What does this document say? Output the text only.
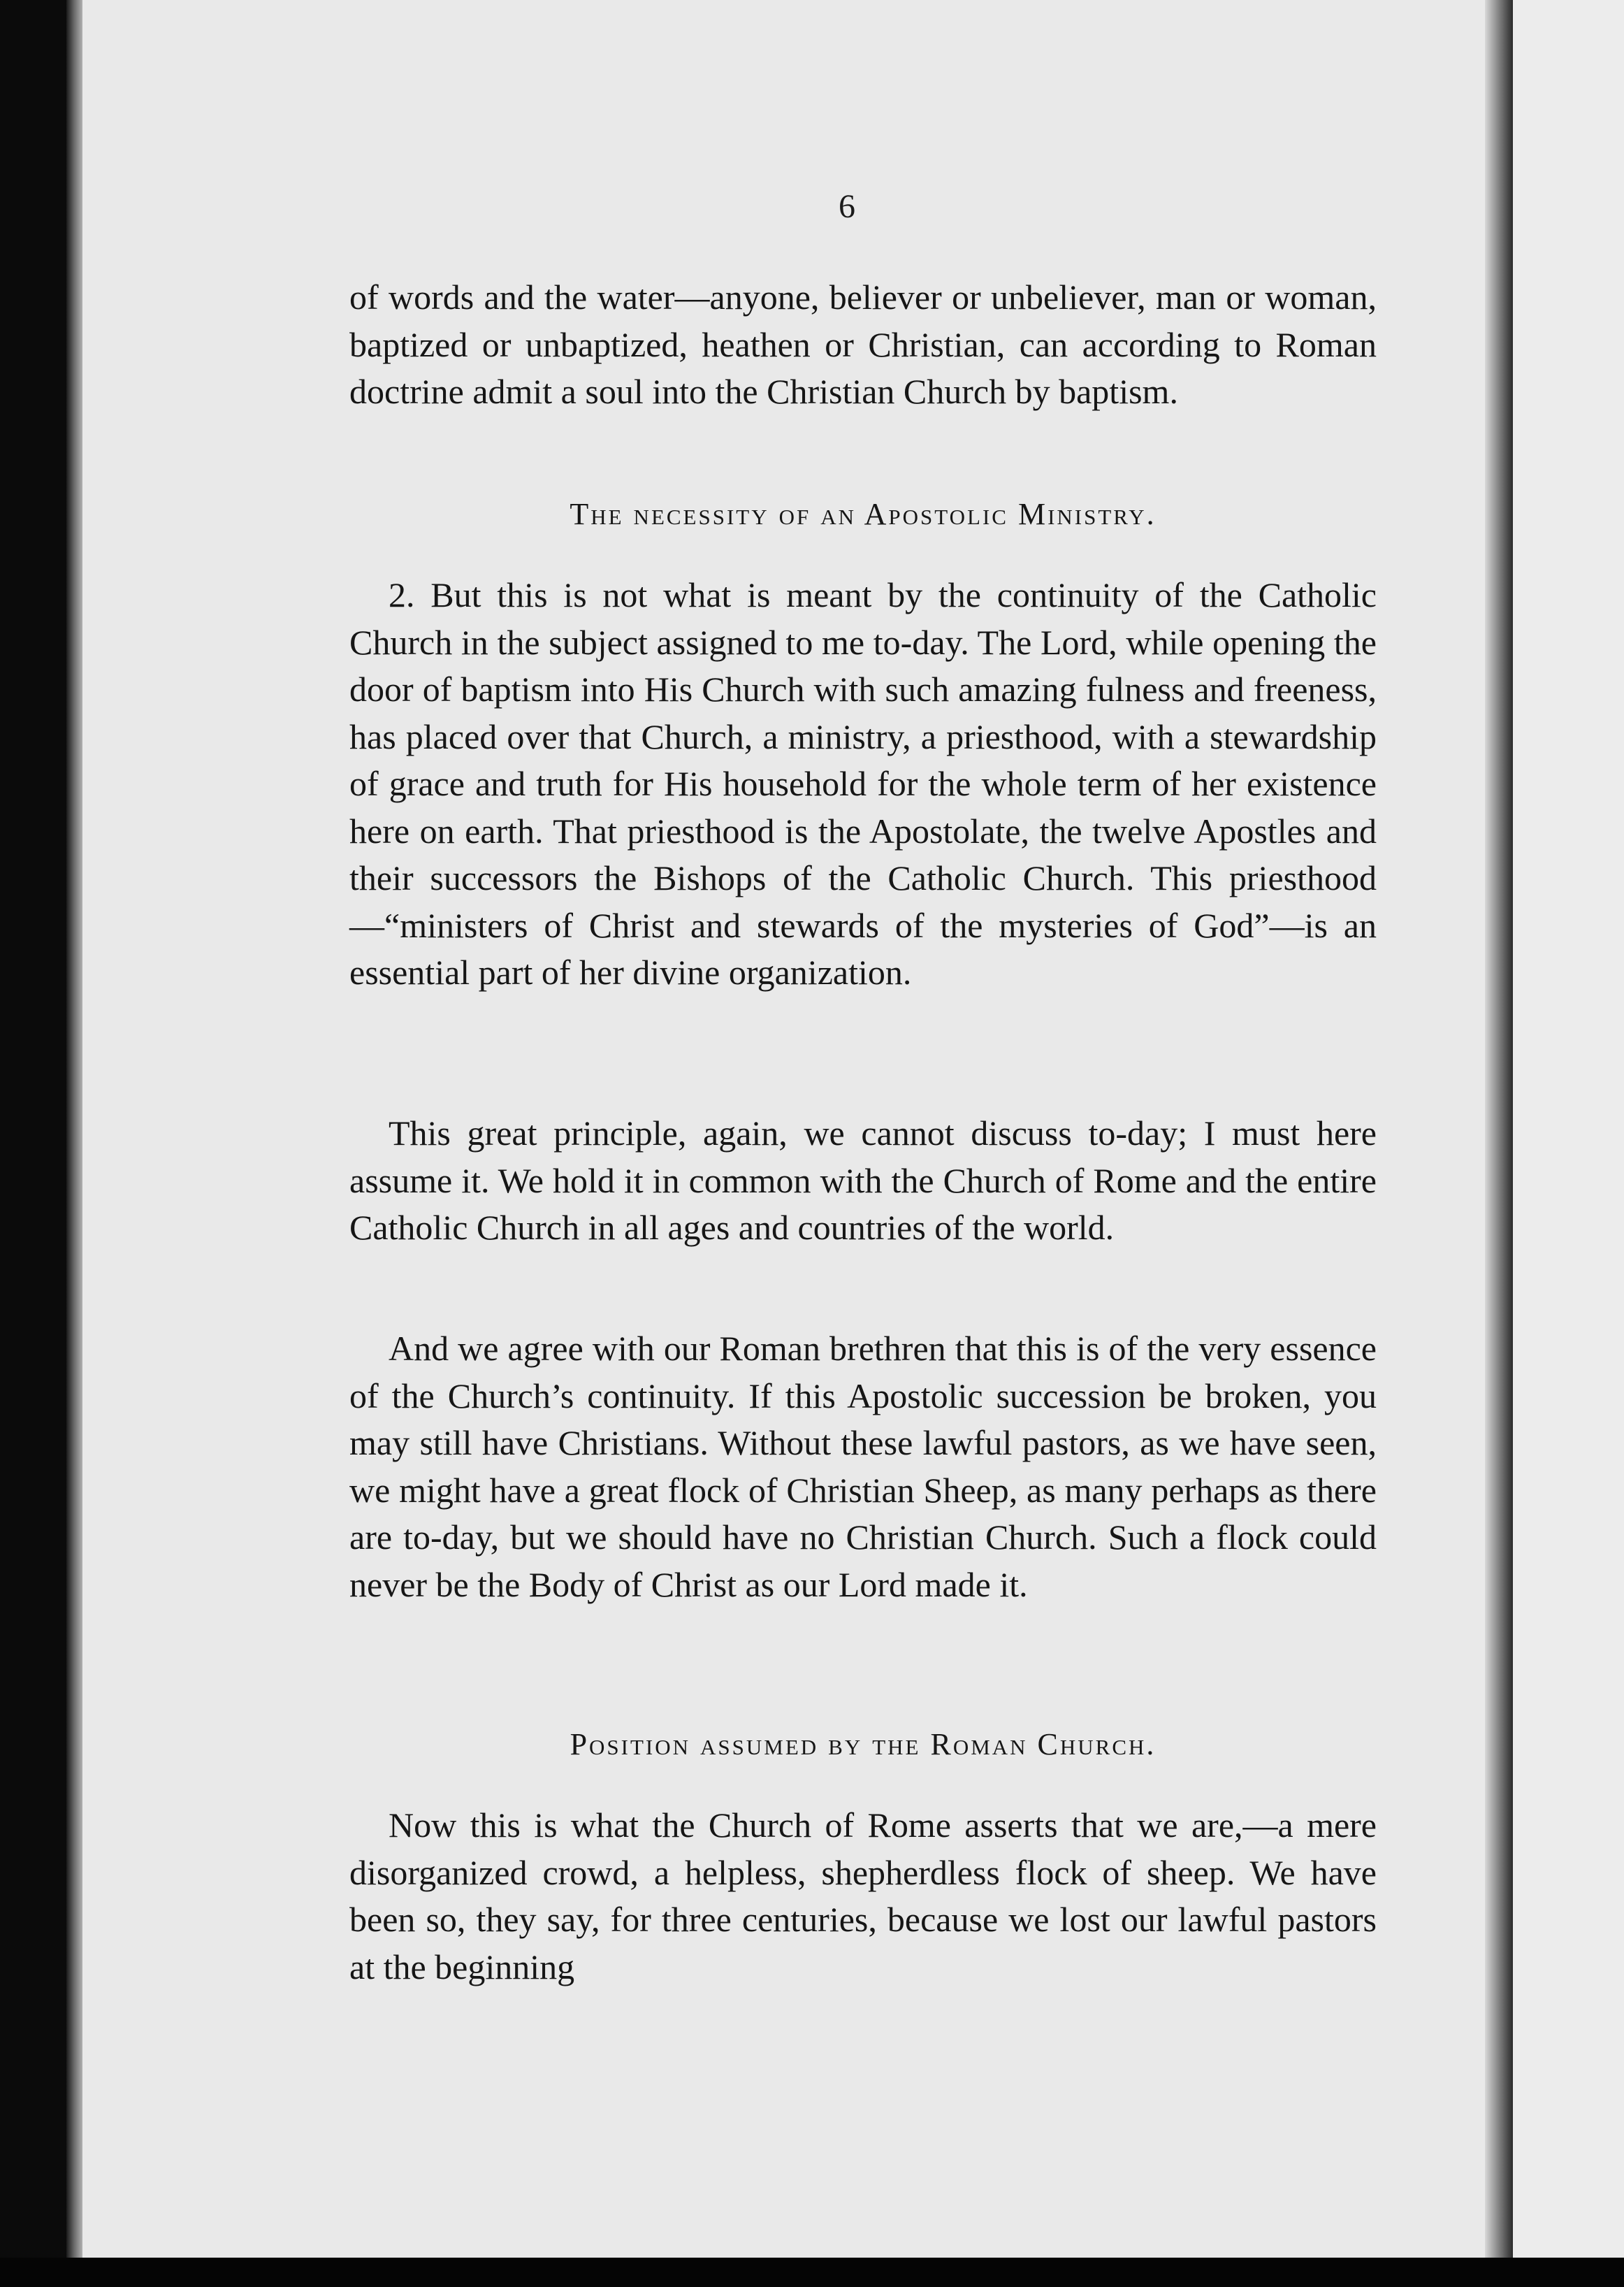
6

of words and the water—anyone, believer or unbeliever, man or woman, baptized or unbaptized, heathen or Christian, can according to Roman doctrine admit a soul into the Christian Church by baptism.

The necessity of an Apostolic Ministry.

2. But this is not what is meant by the continuity of the Catholic Church in the subject assigned to me to-day. The Lord, while opening the door of baptism into His Church with such amazing fulness and freeness, has placed over that Church, a ministry, a priesthood, with a stewardship of grace and truth for His household for the whole term of her existence here on earth. That priesthood is the Apostolate, the twelve Apostles and their successors the Bishops of the Catholic Church. This priesthood—“ministers of Christ and stewards of the mysteries of God”—is an essential part of her divine organization.

This great principle, again, we cannot discuss to-day; I must here assume it. We hold it in common with the Church of Rome and the entire Catholic Church in all ages and countries of the world.

And we agree with our Roman brethren that this is of the very essence of the Church’s continuity. If this Apostolic succession be broken, you may still have Christians. Without these lawful pastors, as we have seen, we might have a great flock of Christian Sheep, as many perhaps as there are to-day, but we should have no Christian Church. Such a flock could never be the Body of Christ as our Lord made it.

Position assumed by the Roman Church.

Now this is what the Church of Rome asserts that we are,—a mere disorganized crowd, a helpless, shepherdless flock of sheep. We have been so, they say, for three centuries, because we lost our lawful pastors at the beginning
